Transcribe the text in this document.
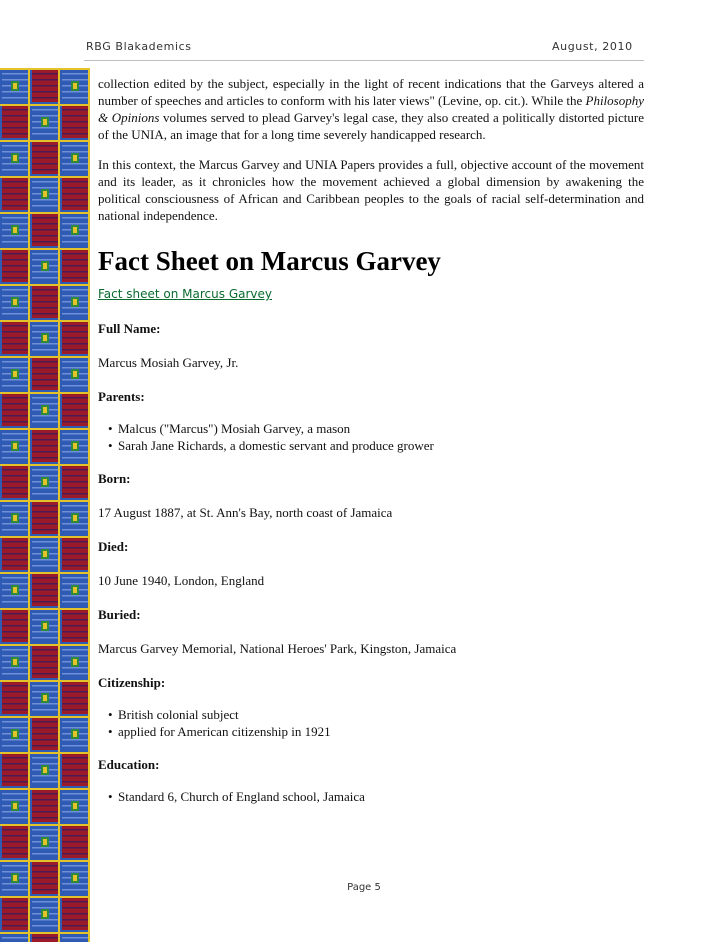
RBG Blakademics	August, 2010

collection edited by the subject, especially in the light of recent indications that the Garveys altered a number of speeches and articles to conform with his later views" (Levine, op. cit.). While the Philosophy & Opinions volumes served to plead Garvey's legal case, they also created a politically distorted picture of the UNIA, an image that for a long time severely handicapped research.

In this context, the Marcus Garvey and UNIA Papers provides a full, objective account of the movement and its leader, as it chronicles how the movement achieved a global dimension by awakening the political consciousness of African and Caribbean peoples to the goals of racial self-determination and national independence.

Fact Sheet on Marcus Garvey
Fact sheet on Marcus Garvey

Full Name:

Marcus Mosiah Garvey, Jr.

Parents:

• Malcus ("Marcus") Mosiah Garvey, a mason
• Sarah Jane Richards, a domestic servant and produce grower

Born:

17 August 1887, at St. Ann's Bay, north coast of Jamaica

Died:

10 June 1940, London, England

Buried:

Marcus Garvey Memorial, National Heroes' Park, Kingston, Jamaica

Citizenship:

• British colonial subject
• applied for American citizenship in 1921

Education:

• Standard 6, Church of England school, Jamaica
Page 5
